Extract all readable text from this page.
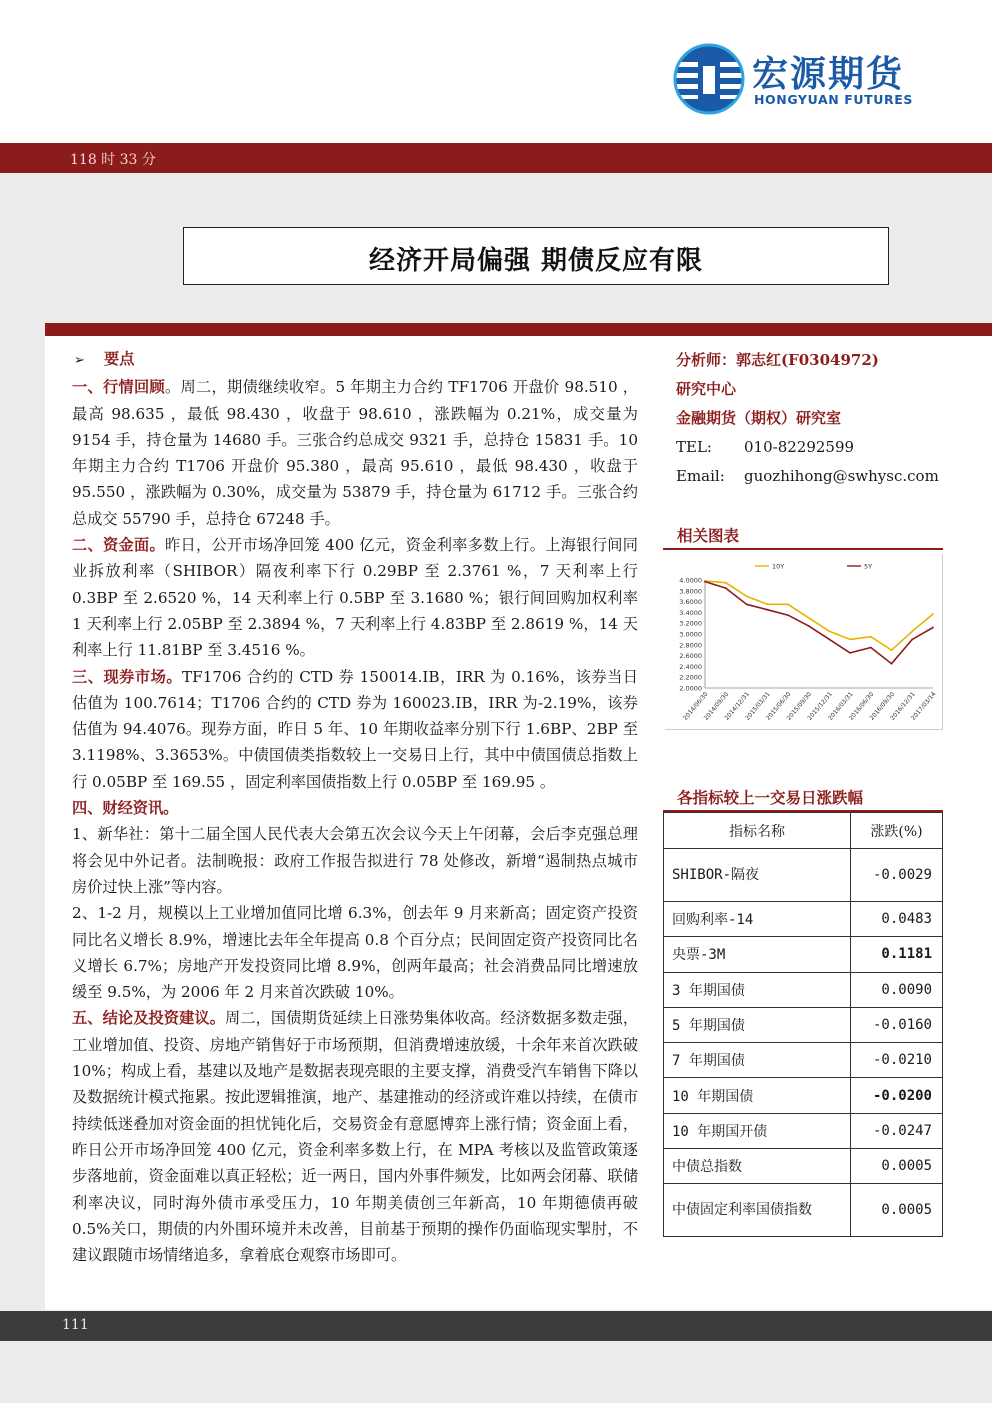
宏源期货
HONGYUAN FUTURES
118 时 33 分
经济开局偏强 期债反应有限
➢ 要点
一、行情回顾。周二，期债继续收窄。5 年期主力合约 TF1706 开盘价 98.510 ，最高 98.635 ，最低 98.430 ，收盘于 98.610 ，涨跌幅为 0.21%，成交量为 9154 手，持仓量为 14680 手。三张合约总成交 9321 手，总持仓 15831 手。10 年期主力合约 T1706 开盘价 95.380 ，最高 95.610 ，最低 98.430 ，收盘于 95.550 ，涨跌幅为 0.30%，成交量为 53879 手，持仓量为 61712 手。三张合约总成交 55790 手，总持仓 67248 手。
二、资金面。昨日，公开市场净回笼 400 亿元，资金利率多数上行。上海银行间同业拆放利率（SHIBOR）隔夜利率下行 0.29BP 至 2.3761 %，7 天利率上行 0.3BP 至 2.6520 %，14 天利率上行 0.5BP 至 3.1680 %；银行间回购加权利率 1 天利率上行 2.05BP 至 2.3894 %，7 天利率上行 4.83BP 至 2.8619 %，14 天利率上行 11.81BP 至 3.4516 %。
三、现券市场。TF1706 合约的 CTD 券 150014.IB，IRR 为 0.16%，该券当日估值为 100.7614；T1706 合约的 CTD 券为 160023.IB，IRR 为-2.19%，该券估值为 94.4076。现券方面，昨日 5 年、10 年期收益率分别下行 1.6BP、2BP 至 3.1198%、3.3653%。中债国债类指数较上一交易日上行，其中中债国债总指数上行 0.05BP 至 169.55 ，固定利率国债指数上行 0.05BP 至 169.95 。
四、财经资讯。
1、新华社：第十二届全国人民代表大会第五次会议今天上午闭幕，会后李克强总理将会见中外记者。法制晚报：政府工作报告拟进行 78 处修改，新增“遏制热点城市房价过快上涨”等内容。
2、1-2 月，规模以上工业增加值同比增 6.3%，创去年 9 月来新高；固定资产投资同比名义增长 8.9%，增速比去年全年提高 0.8 个百分点；民间固定资产投资同比名义增长 6.7%；房地产开发投资同比增 8.9%，创两年最高；社会消费品同比增速放缓至 9.5%，为 2006 年 2 月来首次跌破 10%。
五、结论及投资建议。周二，国债期货延续上日涨势集体收高。经济数据多数走强，工业增加值、投资、房地产销售好于市场预期，但消费增速放缓，十余年来首次跌破 10%；构成上看，基建以及地产是数据表现亮眼的主要支撑，消费受汽车销售下降以及数据统计模式拖累。按此逻辑推演，地产、基建推动的经济或许难以持续，在债市持续低迷叠加对资金面的担忧钝化后，交易资金有意愿博弈上涨行情；资金面上看，昨日公开市场净回笼 400 亿元，资金利率多数上行，在 MPA 考核以及监管政策逐步落地前，资金面难以真正轻松；近一两日，国内外事件频发，比如两会闭幕、联储利率决议，同时海外债市承受压力，10 年期美债创三年新高，10 年期德债再破 0.5%关口，期债的内外围环境并未改善，目前基于预期的操作仍面临现实掣肘，不建议跟随市场情绪追多，拿着底仓观察市场即可。
分析师：郭志红(F0304972)
研究中心
金融期货（期权）研究室
TEL: 010-82292599
Email: guozhihong@swhysc.com
相关图表
4.0000
3.8000
3.6000
3.4000
3.2000
3.0000
2.8000
2.6000
2.4000
2.2000
2.0000
2014/06/30
2014/09/30
2014/12/31
2015/03/31
2015/06/30
2015/09/30
2015/12/31
2016/03/31
2016/06/30
2016/09/30
2016/12/31
2017/03/14
10Y	5Y
各指标较上一交易日涨跌幅
指标名称	涨跌(%)
SHIBOR-隔夜	-0.0029
回购利率-14	0.0483
央票-3M	0.1181
3 年期国债	0.0090
5 年期国债	-0.0160
7 年期国债	-0.0210
10 年期国债	-0.0200
10 年期国开债	-0.0247
中债总指数	0.0005
中债固定利率国债指数	0.0005
111
